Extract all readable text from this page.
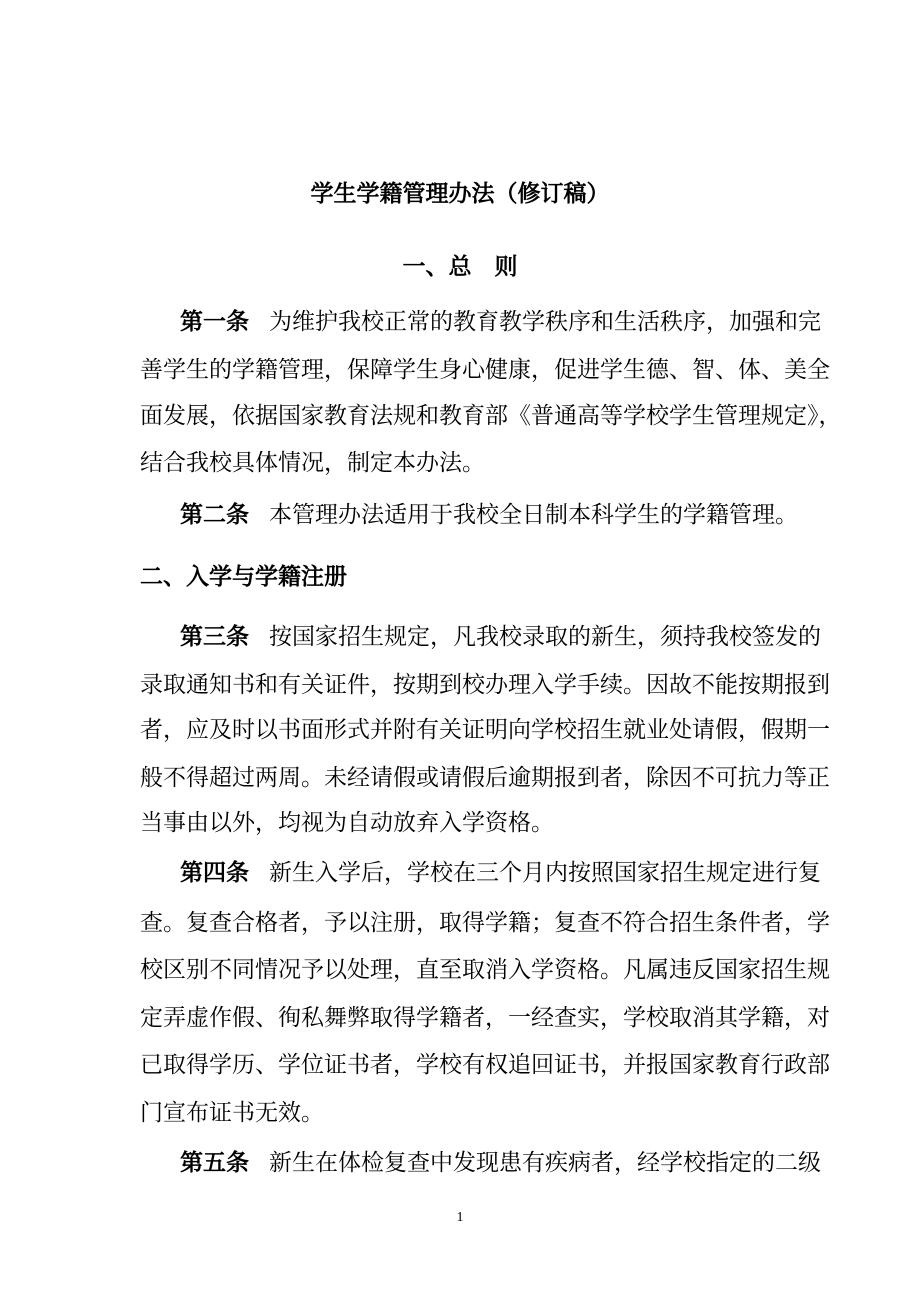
学生学籍管理办法（修订稿）
一、总　则
第一条 为维护我校正常的教育教学秩序和生活秩序，加强和完
善学生的学籍管理，保障学生身心健康，促进学生德、智、体、美全
面发展，依据国家教育法规和教育部《普通高等学校学生管理规定》，
结合我校具体情况，制定本办法。
第二条 本管理办法适用于我校全日制本科学生的学籍管理。
二、入学与学籍注册
第三条 按国家招生规定，凡我校录取的新生，须持我校签发的
录取通知书和有关证件，按期到校办理入学手续。因故不能按期报到
者，应及时以书面形式并附有关证明向学校招生就业处请假，假期一
般不得超过两周。未经请假或请假后逾期报到者，除因不可抗力等正
当事由以外，均视为自动放弃入学资格。
第四条 新生入学后，学校在三个月内按照国家招生规定进行复
查。复查合格者，予以注册，取得学籍；复查不符合招生条件者，学
校区别不同情况予以处理，直至取消入学资格。凡属违反国家招生规
定弄虚作假、徇私舞弊取得学籍者，一经查实，学校取消其学籍，对
已取得学历、学位证书者，学校有权追回证书，并报国家教育行政部
门宣布证书无效。
第五条 新生在体检复查中发现患有疾病者，经学校指定的二级
1
